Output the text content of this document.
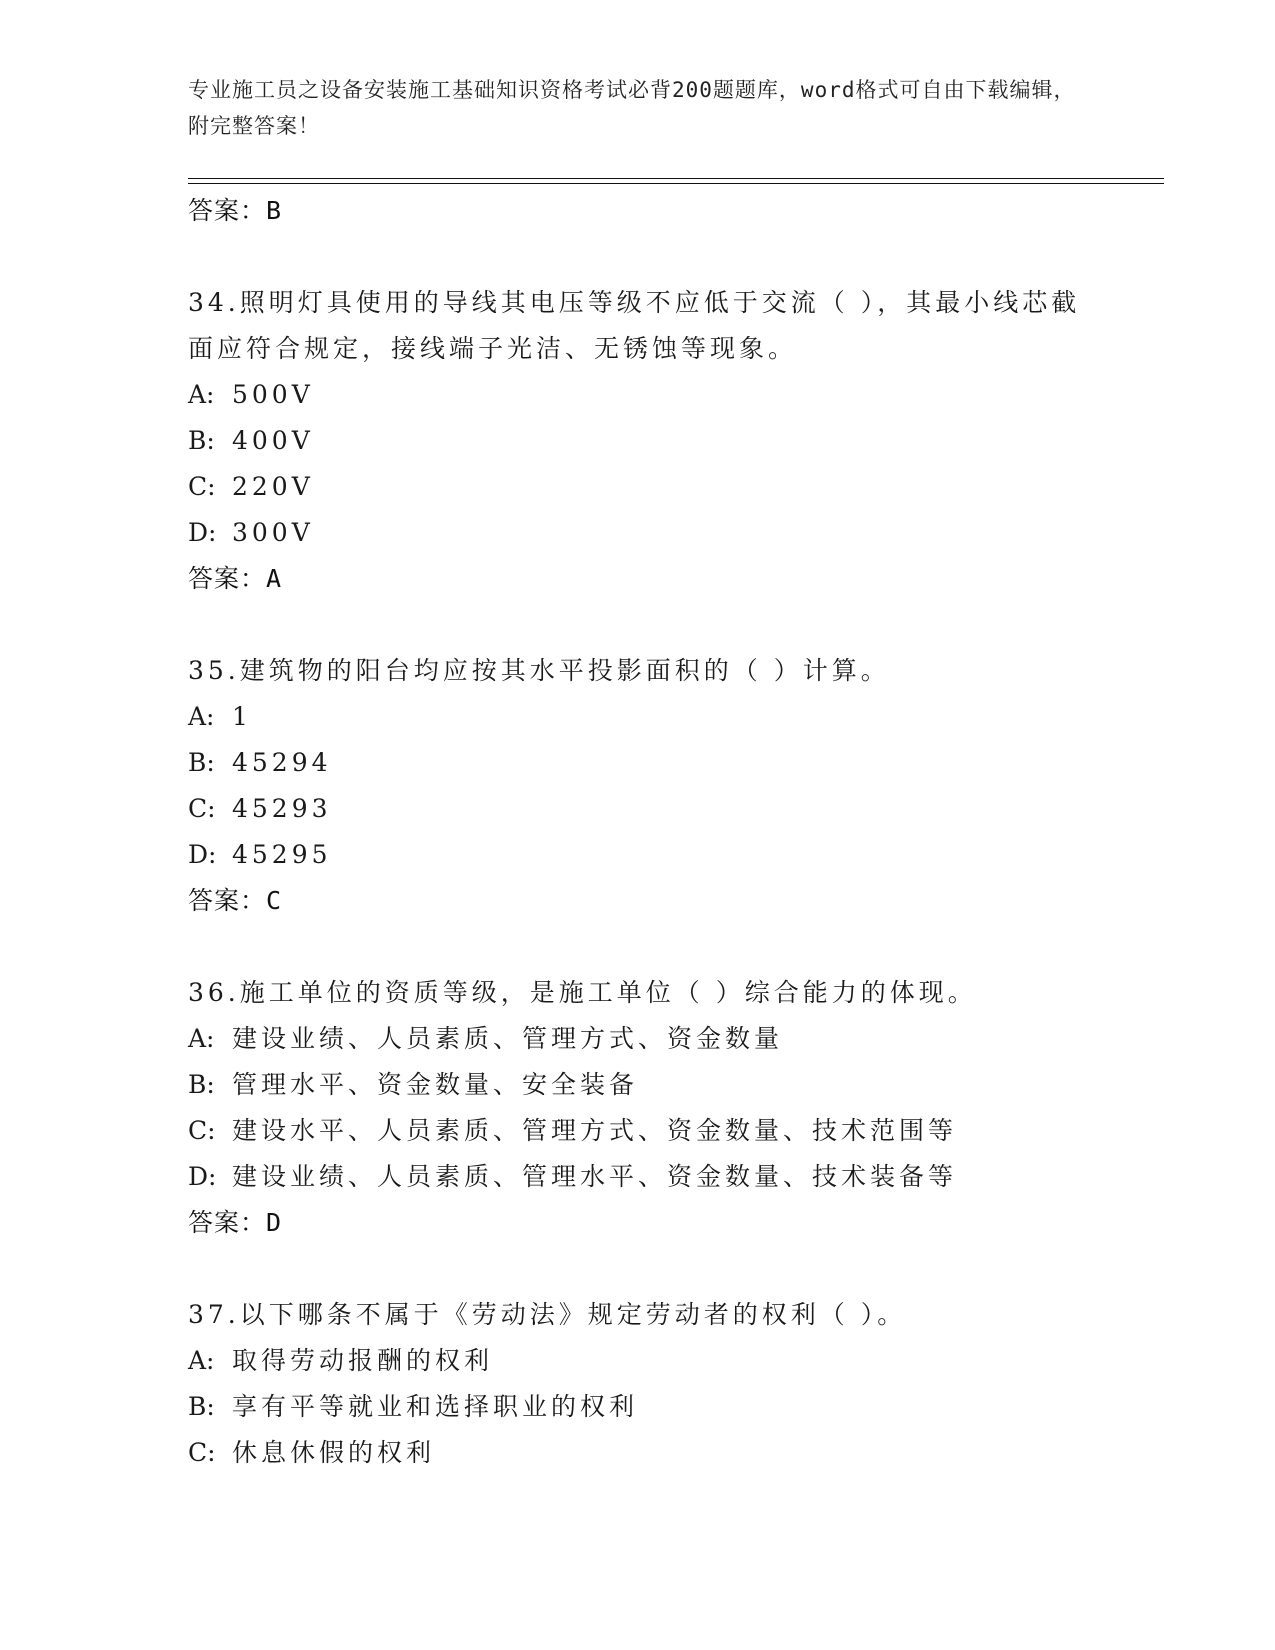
专业施工员之设备安装施工基础知识资格考试必背200题题库，word格式可自由下载编辑，附完整答案！
答案：B
34.照明灯具使用的导线其电压等级不应低于交流（ ），其最小线芯截面应符合规定，接线端子光洁、无锈蚀等现象。
A: 500V
B: 400V
C: 220V
D: 300V
答案：A
35.建筑物的阳台均应按其水平投影面积的（ ）计算。
A: 1
B: 45294
C: 45293
D: 45295
答案：C
36.施工单位的资质等级，是施工单位（ ）综合能力的体现。
A: 建设业绩、人员素质、管理方式、资金数量
B: 管理水平、资金数量、安全装备
C: 建设水平、人员素质、管理方式、资金数量、技术范围等
D: 建设业绩、人员素质、管理水平、资金数量、技术装备等
答案：D
37.以下哪条不属于《劳动法》规定劳动者的权利（ ）。
A: 取得劳动报酬的权利
B: 享有平等就业和选择职业的权利
C: 休息休假的权利
